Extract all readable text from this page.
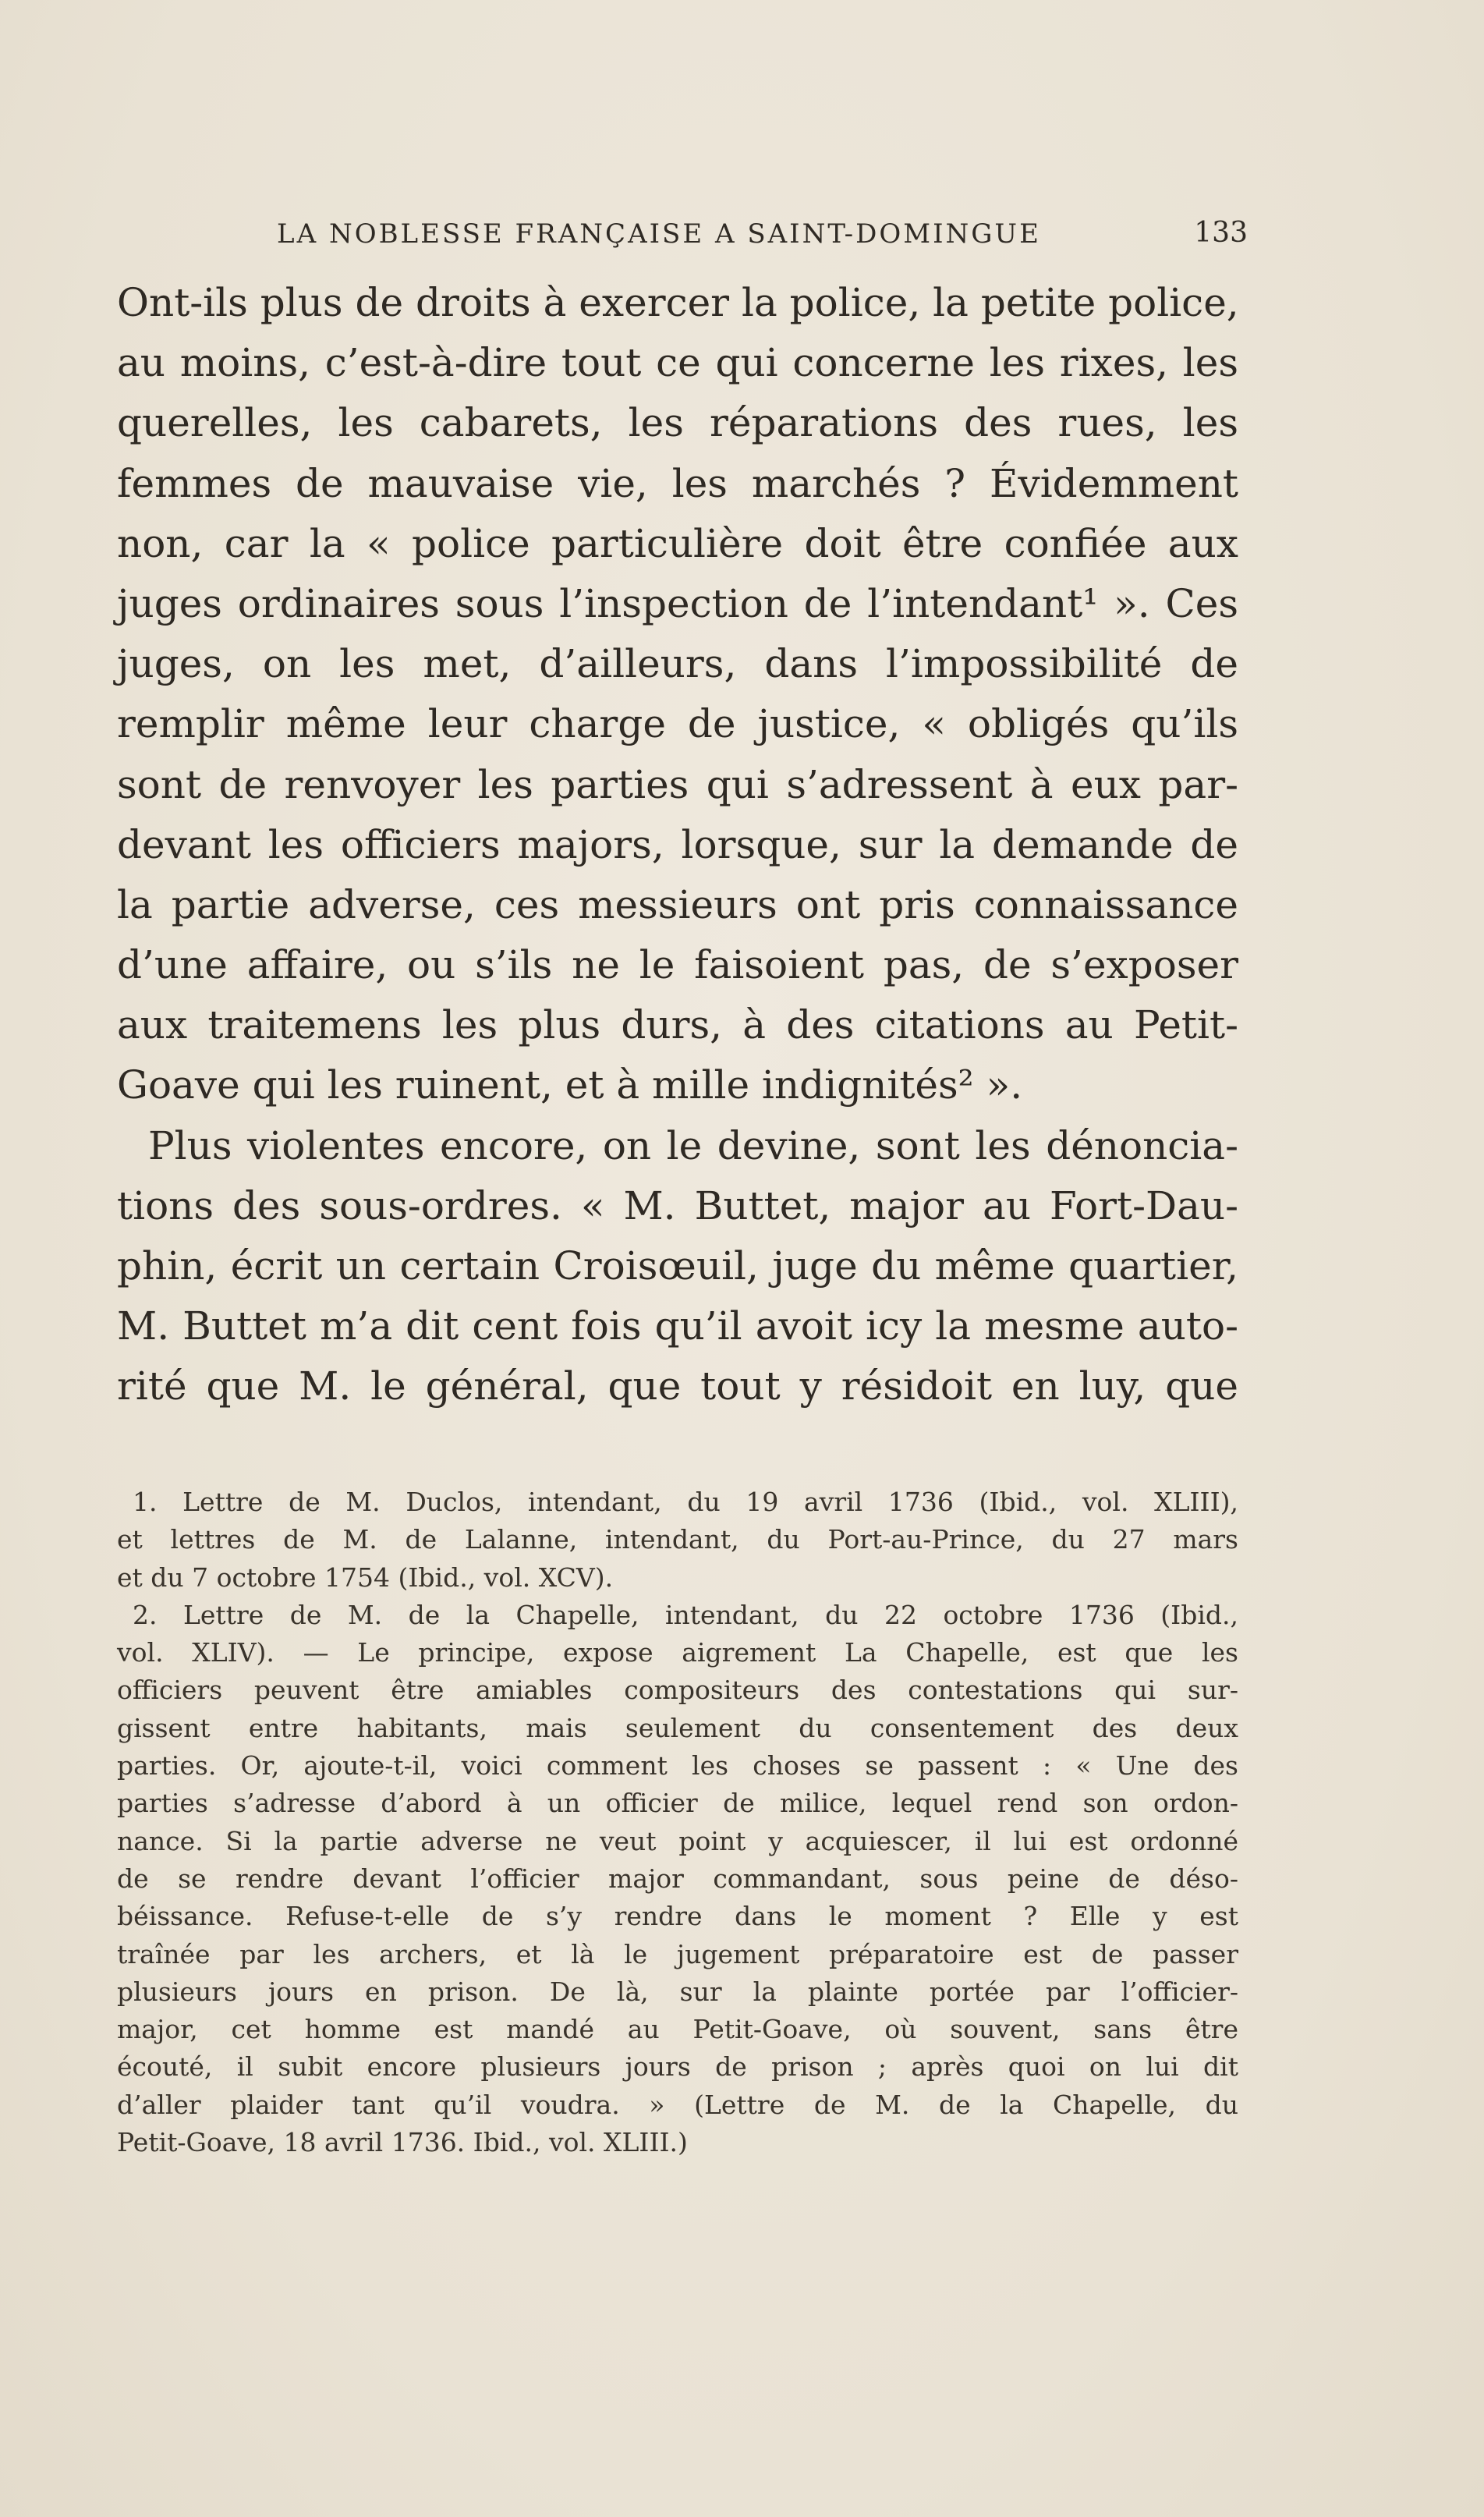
LA NOBLESSE FRANÇAISE A SAINT-DOMINGUE	133
Ont-ils plus de droits à exercer la police, la petite police,
au moins, c’est-à-dire tout ce qui concerne les rixes, les
querelles, les cabarets, les réparations des rues, les
femmes de mauvaise vie, les marchés ? Évidemment
non, car la « police particulière doit être confiée aux
juges ordinaires sous l’inspection de l’intendant¹ ». Ces
juges, on les met, d’ailleurs, dans l’impossibilité de
remplir même leur charge de justice, « obligés qu’ils
sont de renvoyer les parties qui s’adressent à eux par-
devant les officiers majors, lorsque, sur la demande de
la partie adverse, ces messieurs ont pris connaissance
d’une affaire, ou s’ils ne le faisoient pas, de s’exposer
aux traitemens les plus durs, à des citations au Petit-
Goave qui les ruinent, et à mille indignités² ».
Plus violentes encore, on le devine, sont les dénoncia-
tions des sous-ordres. « M. Buttet, major au Fort-Dau-
phin, écrit un certain Croisœuil, juge du même quartier,
M. Buttet m’a dit cent fois qu’il avoit icy la mesme auto-
rité que M. le général, que tout y résidoit en luy, que
1. Lettre de M. Duclos, intendant, du 19 avril 1736 (Ibid., vol. XLIII),
et lettres de M. de Lalanne, intendant, du Port-au-Prince, du 27 mars
et du 7 octobre 1754 (Ibid., vol. XCV).
2. Lettre de M. de la Chapelle, intendant, du 22 octobre 1736 (Ibid.,
vol. XLIV). — Le principe, expose aigrement La Chapelle, est que les
officiers peuvent être amiables compositeurs des contestations qui sur-
gissent entre habitants, mais seulement du consentement des deux
parties. Or, ajoute-t-il, voici comment les choses se passent : « Une des
parties s’adresse d’abord à un officier de milice, lequel rend son ordon-
nance. Si la partie adverse ne veut point y acquiescer, il lui est ordonné
de se rendre devant l’officier major commandant, sous peine de déso-
béissance. Refuse-t-elle de s’y rendre dans le moment ? Elle y est
traînée par les archers, et là le jugement préparatoire est de passer
plusieurs jours en prison. De là, sur la plainte portée par l’officier-
major, cet homme est mandé au Petit-Goave, où souvent, sans être
écouté, il subit encore plusieurs jours de prison ; après quoi on lui dit
d’aller plaider tant qu’il voudra. » (Lettre de M. de la Chapelle, du
Petit-Goave, 18 avril 1736. Ibid., vol. XLIII.)
